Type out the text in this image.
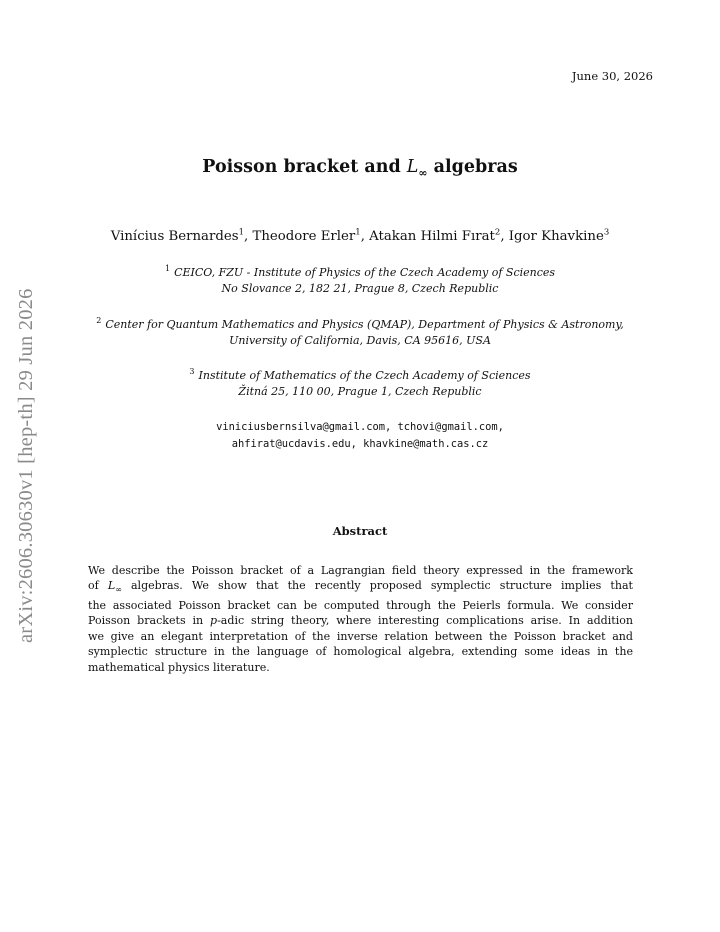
arXiv:2606.30630v1 [hep-th] 29 Jun 2026
June 30, 2026
Poisson bracket and $L_\infty$ algebras
Vinícius Bernardes$^1$, Theodore Erler$^1$, Atakan Hilmi Fırat$^2$, Igor Khavkine$^3$
$^1$ CEICO, FZU - Institute of Physics of the Czech Academy of Sciences
No Slovance 2, 182 21, Prague 8, Czech Republic
$^2$ Center for Quantum Mathematics and Physics (QMAP), Department of Physics & Astronomy,
University of California, Davis, CA 95616, USA
$^3$ Institute of Mathematics of the Czech Academy of Sciences
Žitná 25, 110 00, Prague 1, Czech Republic
viniciusbernsilva@gmail.com, tchovi@gmail.com,
ahfirat@ucdavis.edu, khavkine@math.cas.cz
Abstract
We describe the Poisson bracket of a Lagrangian field theory expressed in the framework
of $L_\infty$ algebras. We show that the recently proposed symplectic structure implies that
the associated Poisson bracket can be computed through the Peierls formula. We consider
Poisson brackets in p-adic string theory, where interesting complications arise. In addition
we give an elegant interpretation of the inverse relation between the Poisson bracket and
symplectic structure in the language of homological algebra, extending some ideas in the
mathematical physics literature.
